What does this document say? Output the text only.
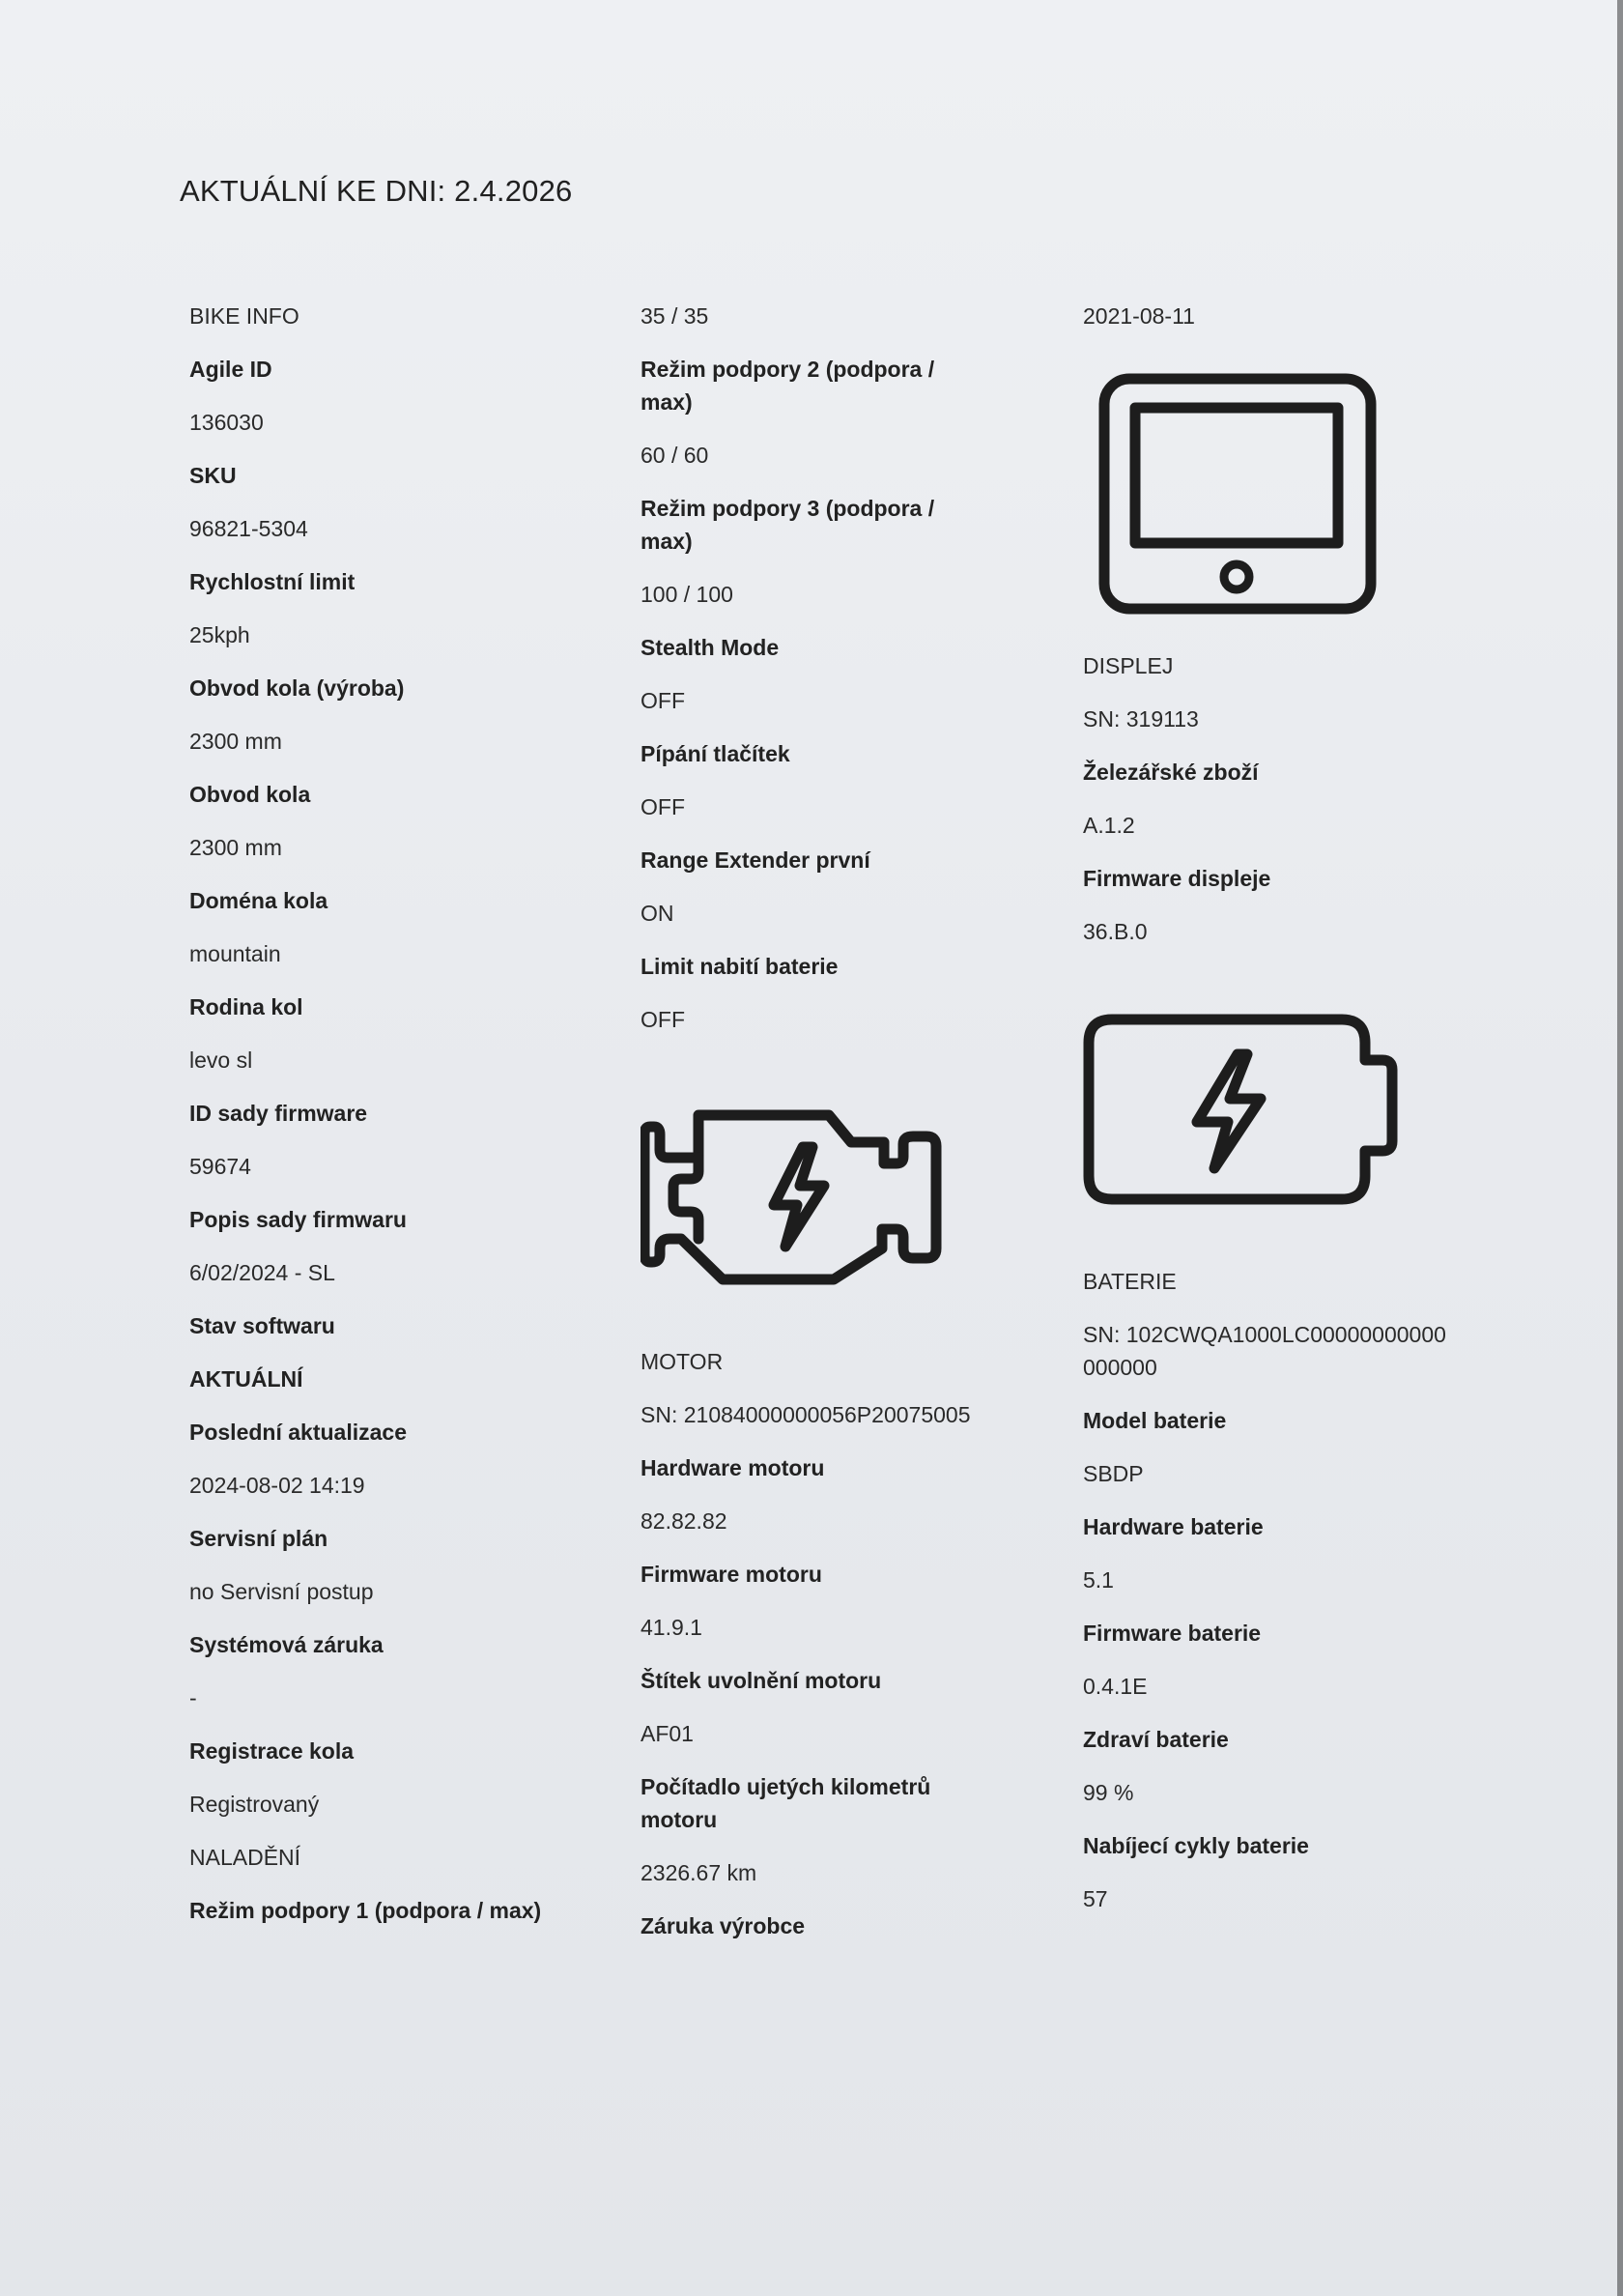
AKTUÁLNÍ KE DNI: 2.4.2026
BIKE INFO
Agile ID
136030
SKU
96821-5304
Rychlostní limit
25kph
Obvod kola (výroba)
2300 mm
Obvod kola
2300 mm
Doména kola
mountain
Rodina kol
levo sl
ID sady firmware
59674
Popis sady firmwaru
6/02/2024 - SL
Stav softwaru
AKTUÁLNÍ
Poslední aktualizace
2024-08-02 14:19
Servisní plán
no Servisní postup
Systémová záruka
-
Registrace kola
Registrovaný
NALADĚNÍ
Režim podpory 1 (podpora / max)
35 / 35
Režim podpory 2 (podpora / max)
60 / 60
Režim podpory 3 (podpora / max)
100 / 100
Stealth Mode
OFF
Pípání tlačítek
OFF
Range Extender první
ON
Limit nabití baterie
OFF
MOTOR
SN: 21084000000056P20075005
Hardware motoru
82.82.82
Firmware motoru
41.9.1
Štítek uvolnění motoru
AF01
Počítadlo ujetých kilometrů motoru
2326.67 km
Záruka výrobce
2021-08-11
DISPLEJ
SN: 319113
Železářské zboží
A.1.2
Firmware displeje
36.B.0
BATERIE
SN: 102CWQA1000LC00000000000000000
Model baterie
SBDP
Hardware baterie
5.1
Firmware baterie
0.4.1E
Zdraví baterie
99 %
Nabíjecí cykly baterie
57
